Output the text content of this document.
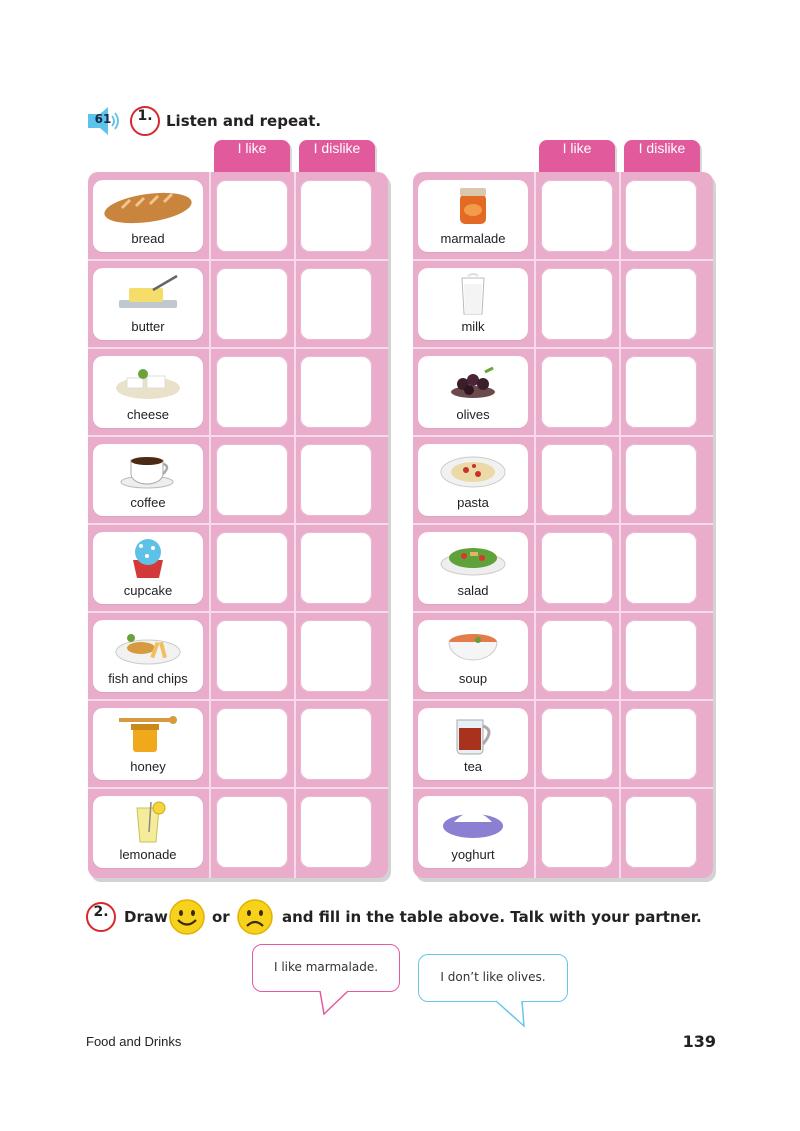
61	1. Listen and repeat.
I like	I dislike	I like	I dislike
bread
butter
cheese
coffee
cupcake
fish and chips
honey
lemonade
marmalade
milk
olives
pasta
salad
soup
tea
yoghurt
2.	Draw	or	and fill in the table above. Talk with your partner.
I like marmalade.
I don’t like olives.
Food and Drinks	139
